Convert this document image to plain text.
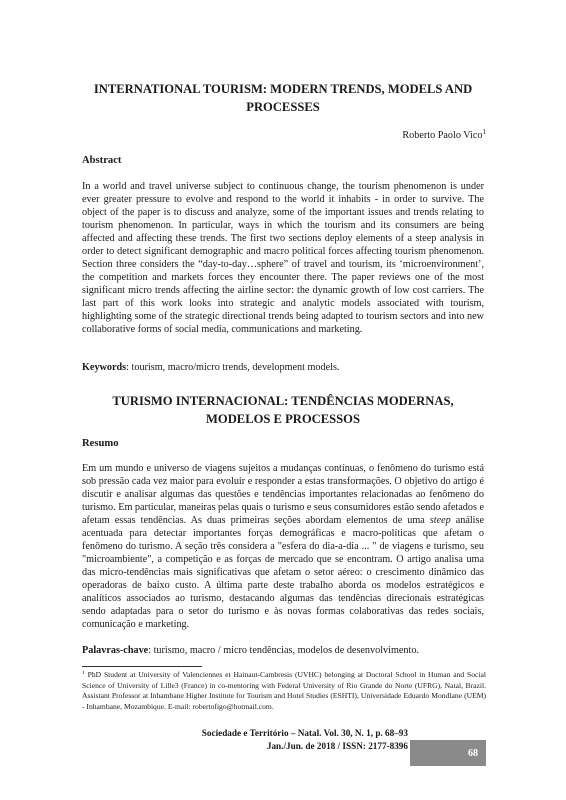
INTERNATIONAL TOURISM: MODERN TRENDS, MODELS AND PROCESSES

Roberto Paolo Vico$^1$

Abstract

In a world and travel universe subject to continuous change, the tourism phenomenon is under ever greater pressure to evolve and respond to the world it inhabits - in order to survive. The object of the paper is to discuss and analyze, some of the important issues and trends relating to tourism phenomenon. In particular, ways in which the tourism and its consumers are being affected and affecting these trends. The first two sections deploy elements of a steep analysis in order to detect significant demographic and macro political forces affecting tourism phenomenon. Section three considers the “day-to-day…sphere” of travel and tourism, its ‘microenvironment’, the competition and markets forces they encounter there. The paper reviews one of the most significant micro trends affecting the airline sector: the dynamic growth of low cost carriers. The last part of this work looks into strategic and analytic models associated with tourism, highlighting some of the strategic directional trends being adapted to tourism sectors and into new collaborative forms of social media, communications and marketing.

Keywords: tourism, macro/micro trends, development models.

TURISMO INTERNACIONAL: TENDÊNCIAS MODERNAS, MODELOS E PROCESSOS
Resumo

Em um mundo e universo de viagens sujeitos a mudanças contínuas, o fenômeno do turismo está sob pressão cada vez maior para evoluir e responder a estas transformações. O objetivo do artigo é discutir e analisar algumas das questões e tendências importantes relacionadas ao fenômeno do turismo. Em particular, maneiras pelas quais o turismo e seus consumidores estão sendo afetados e afetam essas tendências. As duas primeiras seções abordam elementos de uma steep análise acentuada para detectar importantes forças demográficas e macro-políticas que afetam o fenômeno do turismo. A seção três considera a "esfera do dia-a-dia ... " de viagens e turismo, seu "microambiente", a competição e as forças de mercado que se encontram. O artigo analisa uma das micro-tendências mais significativas que afetam o setor aéreo: o crescimento dinâmico das operadoras de baixo custo. A última parte deste trabalho aborda os modelos estratégicos e analíticos associados ao turismo, destacando algumas das tendências direcionais estratégicas sendo adaptadas para o setor do turismo e às novas formas colaborativas das redes sociais, comunicação e marketing.

Palavras-chave: turismo, macro / micro tendências, modelos de desenvolvimento.

$^1$ PhD Student at University of Valenciennes et Hainaut-Cambresis (UVHC) belonging at Doctoral School in Human and Social Science of University of Lille3 (France) in co-mentoring with Federal University of Rio Grande do Norte (UFRG), Natal, Brazil. Assistant Professor at Inhambane Higher Institute for Tourism and Hotel Studies (ESHTI), Universidade Eduardo Mondlane (UEM) - Inhambane, Mozambique. E-mail: robertofigo@hotmail.com.

Sociedade e Território – Natal. Vol. 30, N. 1, p. 68–93
Jan./Jun. de 2018 / ISSN: 2177-8396

68
